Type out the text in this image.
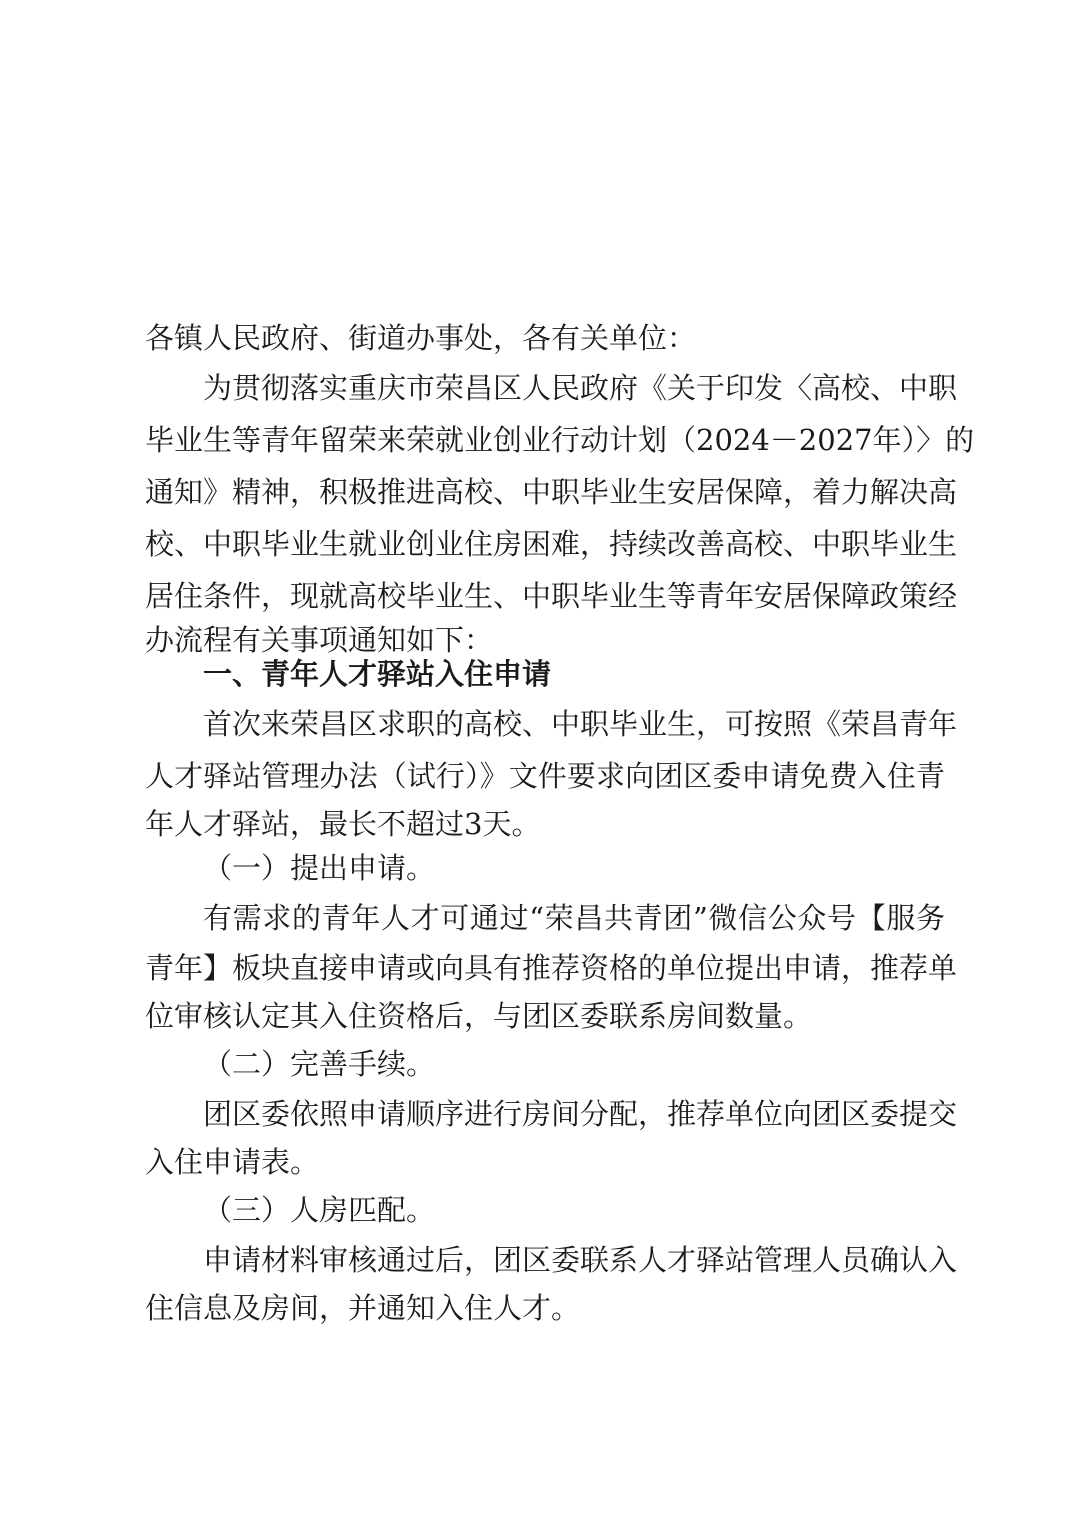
各镇人民政府、街道办事处，各有关单位：
为贯彻落实重庆市荣昌区人民政府《关于印发〈高校、中职
毕业生等青年留荣来荣就业创业行动计划（2024－2027年）〉的
通知》精神，积极推进高校、中职毕业生安居保障，着力解决高
校、中职毕业生就业创业住房困难，持续改善高校、中职毕业生
居住条件，现就高校毕业生、中职毕业生等青年安居保障政策经
办流程有关事项通知如下：
一、青年人才驿站入住申请
首次来荣昌区求职的高校、中职毕业生，可按照《荣昌青年
人才驿站管理办法（试行）》文件要求向团区委申请免费入住青
年人才驿站，最长不超过3天。
（一）提出申请。
有需求的青年人才可通过“荣昌共青团”微信公众号【服务
青年】板块直接申请或向具有推荐资格的单位提出申请，推荐单
位审核认定其入住资格后，与团区委联系房间数量。
（二）完善手续。
团区委依照申请顺序进行房间分配，推荐单位向团区委提交
入住申请表。
（三）人房匹配。
申请材料审核通过后，团区委联系人才驿站管理人员确认入
住信息及房间，并通知入住人才。
